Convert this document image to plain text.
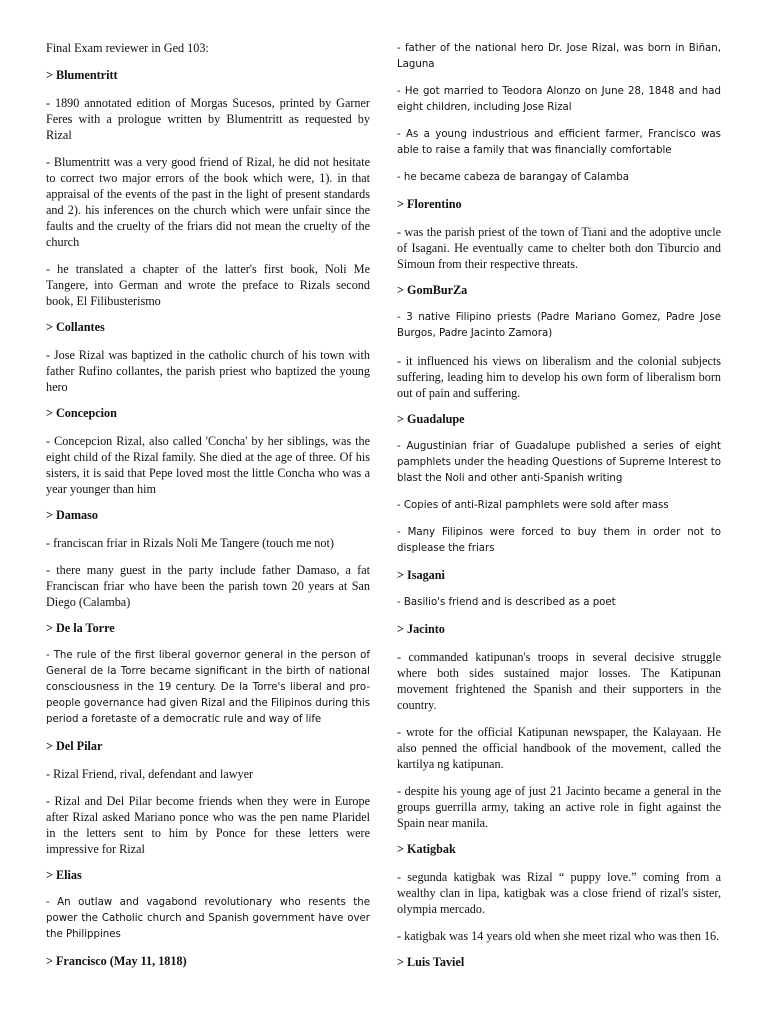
Final Exam reviewer in Ged 103:
> Blumentritt

- 1890 annotated edition of Morgas Sucesos, printed by Garner Feres with a prologue written by Blumentritt as requested by Rizal

- Blumentritt was a very good friend of Rizal, he did not hesitate to correct two major errors of the book which were, 1). in that appraisal of the events of the past in the light of present standards and 2). his inferences on the church which were unfair since the faults and the cruelty of the friars did not mean the cruelty of the church

- he translated a chapter of the latter's first book, Noli Me Tangere, into German and wrote the preface to Rizals second book, El Filibusterismo

> Collantes

- Jose Rizal was baptized in the catholic church of his town with father Rufino collantes, the parish priest who baptized the young hero

> Concepcion

- Concepcion Rizal, also called 'Concha' by her siblings, was the eight child of the Rizal family. She died at the age of three. Of his sisters, it is said that Pepe loved most the little Concha who was a year younger than him

> Damaso

- franciscan friar in Rizals Noli Me Tangere (touch me not)

- there many guest in the party include father Damaso, a fat Franciscan friar who have been the parish town 20 years at San Diego (Calamba)

> De la Torre

- The rule of the first liberal governor general in the person of General de la Torre became significant in the birth of national consciousness in the 19 century. De la Torre's liberal and pro-people governance had given Rizal and the Filipinos during this period a foretaste of a democratic rule and way of life

> Del Pilar

- Rizal Friend, rival, defendant and lawyer

- Rizal and Del Pilar become friends when they were in Europe after Rizal asked Mariano ponce who was the pen name Plaridel in the letters sent to him by Ponce for these letters were impressive for Rizal

> Elias

- An outlaw and vagabond revolutionary who resents the power the Catholic church and Spanish government have over the Philippines

> Francisco (May 11, 1818)

- father of the national hero Dr. Jose Rizal, was born in Biñan, Laguna

- He got married to Teodora Alonzo on June 28, 1848 and had eight children, including Jose Rizal

- As a young industrious and efficient farmer, Francisco was able to raise a family that was financially comfortable

- he became cabeza de barangay of Calamba

> Florentino

- was the parish priest of the town of Tiani and the adoptive uncle of Isagani. He eventually came to chelter both don Tiburcio and Simoun from their respective threats.

> GomBurZa

- 3 native Filipino priests (Padre Mariano Gomez, Padre Jose Burgos, Padre Jacinto Zamora)

- it influenced his views on liberalism and the colonial subjects suffering, leading him to develop his own form of liberalism born out of pain and suffering.

> Guadalupe

- Augustinian friar of Guadalupe published a series of eight pamphlets under the heading Questions of Supreme Interest to blast the Noli and other anti-Spanish writing

- Copies of anti-Rizal pamphlets were sold after mass

- Many Filipinos were forced to buy them in order not to displease the friars

> Isagani

- Basilio's friend and is described as a poet

> Jacinto

- commanded katipunan's troops in several decisive struggle where both sides sustained major losses. The Katipunan movement frightened the Spanish and their supporters in the country.

- wrote for the official Katipunan newspaper, the Kalayaan. He also penned the official handbook of the movement, called the kartilya ng katipunan.

- despite his young age of just 21 Jacinto became a general in the groups guerrilla army, taking an active role in fight against the Spain near manila.

> Katigbak

- segunda katigbak was Rizal “ puppy love.” coming from a wealthy clan in lipa, katigbak was a close friend of rizal's sister, olympia mercado.

- katigbak was 14 years old when she meet rizal who was then 16.

> Luis Taviel
